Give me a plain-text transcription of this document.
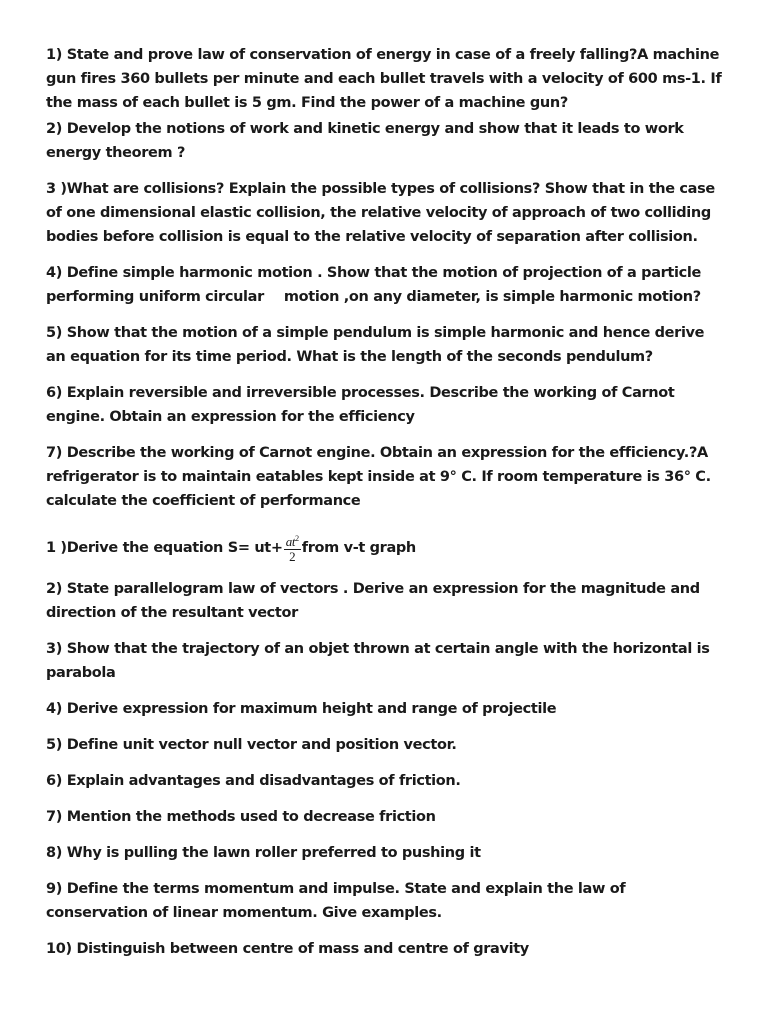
1) State and prove law of conservation of energy in case of a freely falling?A machine gun fires 360 bullets per minute and each bullet travels with a velocity of 600 ms-1. If the mass of each bullet is 5 gm. Find the power of a machine gun?
2) Develop the notions of work and kinetic energy and show that it leads to work energy theorem ?
3 )What are collisions? Explain the possible types of collisions? Show that in the case of one dimensional elastic collision, the relative velocity of approach of two colliding bodies before collision is equal to the relative velocity of separation after collision.
4) Define simple harmonic motion . Show that the motion of projection of a particle performing uniform circular motion ,on any diameter, is simple harmonic motion?
5) Show that the motion of a simple pendulum is simple harmonic and hence derive an equation for its time period. What is the length of the seconds pendulum?
6) Explain reversible and irreversible processes. Describe the working of Carnot engine. Obtain an expression for the efficiency
7) Describe the working of Carnot engine. Obtain an expression for the efficiency.?A refrigerator is to maintain eatables kept inside at 9° C. If room temperature is 36° C. calculate the coefficient of performance
1 )Derive the equation $S= ut+ \frac{at^2}{2}$ from v-t graph
2) State parallelogram law of vectors . Derive an expression for the magnitude and direction of the resultant vector
3) Show that the trajectory of an objet thrown at certain angle with the horizontal is parabola
4) Derive expression for maximum height and range of projectile
5) Define unit vector null vector and position vector.
6) Explain advantages and disadvantages of friction.
7) Mention the methods used to decrease friction
8) Why is pulling the lawn roller preferred to pushing it
9) Define the terms momentum and impulse. State and explain the law of conservation of linear momentum. Give examples.
10) Distinguish between centre of mass and centre of gravity
